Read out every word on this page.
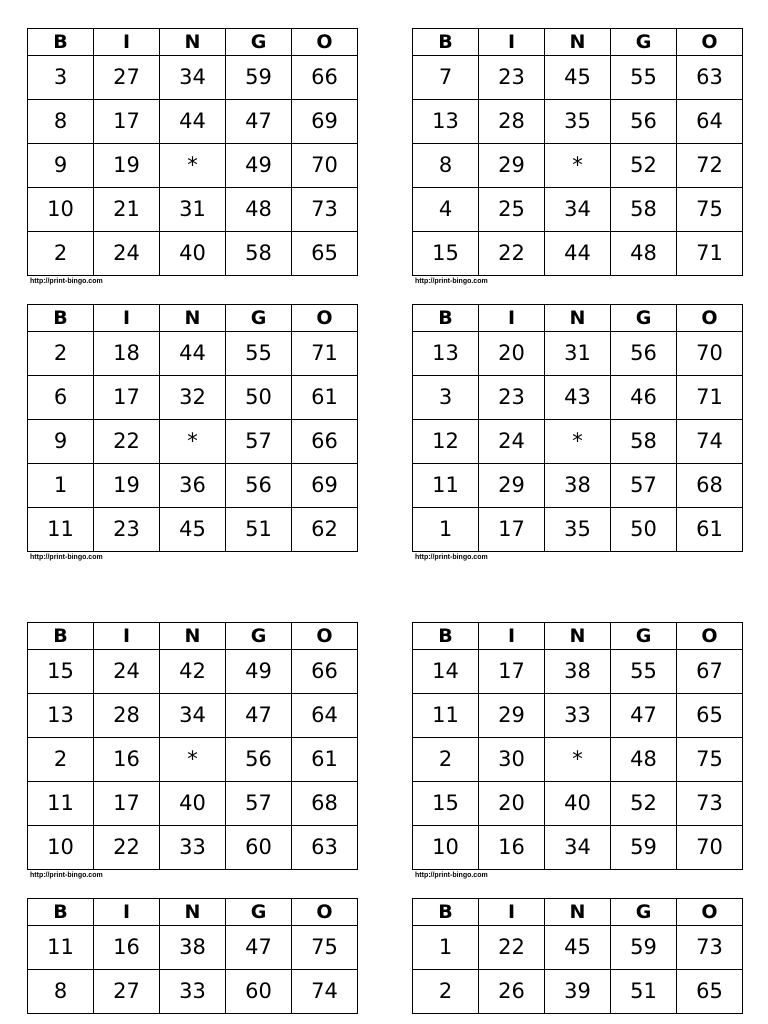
B	I	N	G	O
3	27	34	59	66
8	17	44	47	69
9	19	*	49	70
10	21	31	48	73
2	24	40	58	65
http://print-bingo.com
B	I	N	G	O
7	23	45	55	63
13	28	35	56	64
8	29	*	52	72
4	25	34	58	75
15	22	44	48	71
http://print-bingo.com
B	I	N	G	O
2	18	44	55	71
6	17	32	50	61
9	22	*	57	66
1	19	36	56	69
11	23	45	51	62
http://print-bingo.com
B	I	N	G	O
13	20	31	56	70
3	23	43	46	71
12	24	*	58	74
11	29	38	57	68
1	17	35	50	61
http://print-bingo.com
B	I	N	G	O
15	24	42	49	66
13	28	34	47	64
2	16	*	56	61
11	17	40	57	68
10	22	33	60	63
http://print-bingo.com
B	I	N	G	O
14	17	38	55	67
11	29	33	47	65
2	30	*	48	75
15	20	40	52	73
10	16	34	59	70
http://print-bingo.com
B	I	N	G	O
11	16	38	47	75
8	27	33	60	74
B	I	N	G	O
1	22	45	59	73
2	26	39	51	65
